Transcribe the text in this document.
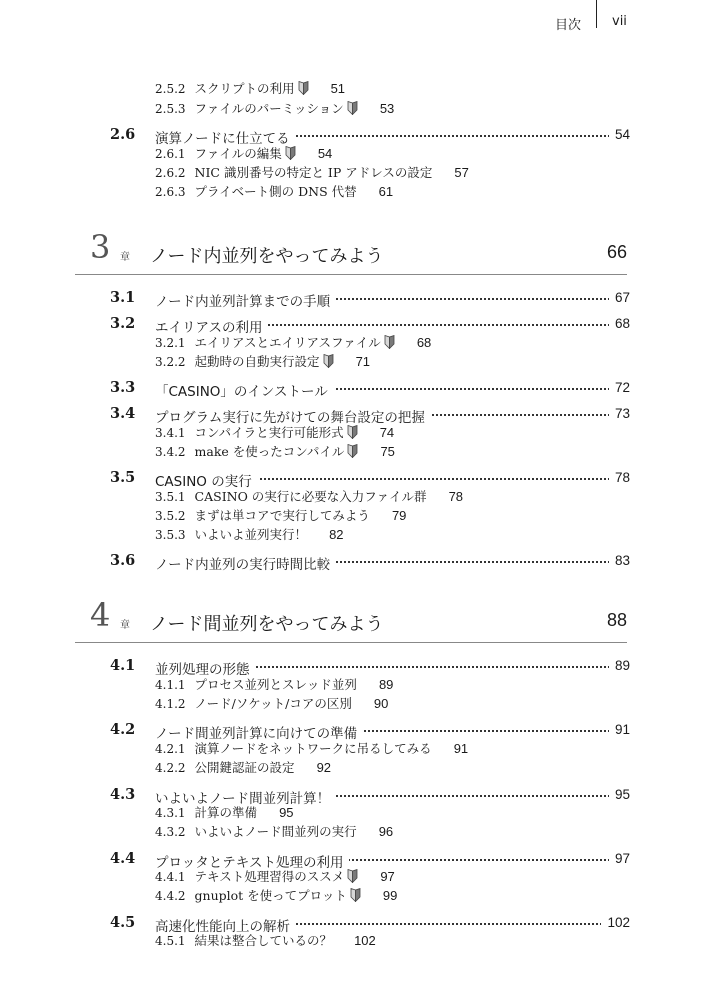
目次 vii
2.5.2 スクリプトの利用	51
2.5.3 ファイルのパーミッション	53
2.6 演算ノードに仕立てる	54
2.6.1 ファイルの編集	54
2.6.2 NIC 識別番号の特定と IP アドレスの設定 57
2.6.3 プライベート側の DNS 代替 61
3 章 ノード内並列をやってみよう	66
3.1 ノード内並列計算までの手順	67
3.2 エイリアスの利用	68
3.2.1 エイリアスとエイリアスファイル	68
3.2.2 起動時の自動実行設定	71
3.3 「CASINO」のインストール	72
3.4 プログラム実行に先がけての舞台設定の把握	73
3.4.1 コンパイラと実行可能形式	74
3.4.2 make を使ったコンパイル	75
3.5 CASINO の実行	78
3.5.1 CASINO の実行に必要な入力ファイル群 78
3.5.2 まずは単コアで実行してみよう 79
3.5.3 いよいよ並列実行！ 82
3.6 ノード内並列の実行時間比較	83
4 章 ノード間並列をやってみよう	88
4.1 並列処理の形態	89
4.1.1 プロセス並列とスレッド並列 89
4.1.2 ノード/ソケット/コアの区別 90
4.2 ノード間並列計算に向けての準備	91
4.2.1 演算ノードをネットワークに吊るしてみる 91
4.2.2 公開鍵認証の設定 92
4.3 いよいよノード間並列計算！	95
4.3.1 計算の準備 95
4.3.2 いよいよノード間並列の実行 96
4.4 プロッタとテキスト処理の利用	97
4.4.1 テキスト処理習得のススメ	97
4.4.2 gnuplot を使ってプロット	99
4.5 高速化性能向上の解析	102
4.5.1 結果は整合しているの？ 102
